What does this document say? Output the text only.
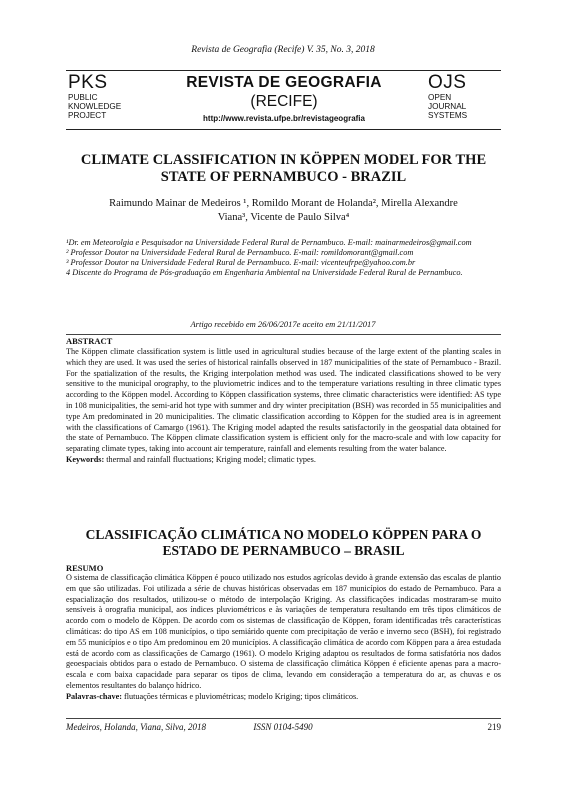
Revista de Geografia (Recife) V. 35, No. 3, 2018
PKS
PUBLIC
KNOWLEDGE
PROJECT
REVISTA DE GEOGRAFIA
(RECIFE)
http://www.revista.ufpe.br/revistageografia
OJS
OPEN
JOURNAL
SYSTEMS
CLIMATE CLASSIFICATION IN KÖPPEN MODEL FOR THE STATE OF PERNAMBUCO - BRAZIL
Raimundo Mainar de Medeiros ¹, Romildo Morant de Holanda², Mirella Alexandre
Viana³, Vicente de Paulo Silva⁴
¹Dr. em Meteorolgia e Pesquisador na Universidade Federal Rural de Pernambuco. E-mail: mainarmedeiros@gmail.com
² Professor Doutor na Universidade Federal Rural de Pernambuco. E-mail: romildomorant@gmail.com
³ Professor Doutor na Universidade Federal Rural de Pernambuco. E-mail: vicenteufrpe@yahoo.com.br
4 Discente do Programa de Pós-graduação em Engenharia Ambiental na Universidade Federal Rural de Pernambuco.
Artigo recebido em 26/06/2017e aceito em 21/11/2017
ABSTRACT
The Köppen climate classification system is little used in agricultural studies because of the large extent of the planting scales in which they are used. It was used the series of historical rainfalls observed in 187 municipalities of the state of Pernambuco - Brazil. For the spatialization of the results, the Kriging interpolation method was used. The indicated classifications showed to be very sensitive to the municipal orography, to the pluviometric indices and to the temperature variations resulting in three climatic types according to the Köppen model. According to Köppen classification systems, three climatic characteristics were identified: AS type in 108 municipalities, the semi-arid hot type with summer and dry winter precipitation (BSH) was recorded in 55 municipalities and type Am predominated in 20 municipalities. The climatic classification according to Köppen for the studied area is in agreement with the classifications of Camargo (1961). The Kriging model adapted the results satisfactorily in the geospatial data obtained for the state of Pernambuco. The Köppen climate classification system is efficient only for the macro-scale and with low capacity for separating climate types, taking into account air temperature, rainfall and elements resulting from the water balance.
Keywords: thermal and rainfall fluctuations; Kriging model; climatic types.
CLASSIFICAÇÃO CLIMÁTICA NO MODELO KÖPPEN PARA O ESTADO DE PERNAMBUCO – BRASIL
RESUMO
O sistema de classificação climática Köppen é pouco utilizado nos estudos agrícolas devido à grande extensão das escalas de plantio em que são utilizadas. Foi utilizada a série de chuvas históricas observadas em 187 municípios do estado de Pernambuco. Para a espacialização dos resultados, utilizou-se o método de interpolação Kriging. As classificações indicadas mostraram-se muito sensíveis à orografia municipal, aos índices pluviométricos e às variações de temperatura resultando em três tipos climáticos de acordo com o modelo de Köppen. De acordo com os sistemas de classificação de Köppen, foram identificadas três características climáticas: do tipo AS em 108 municípios, o tipo semiárido quente com precipitação de verão e inverno seco (BSH), foi registrado em 55 municípios e o tipo Am predominou em 20 municípios. A classificação climática de acordo com Köppen para a área estudada está de acordo com as classificações de Camargo (1961). O modelo Kriging adaptou os resultados de forma satisfatória nos dados geoespaciais obtidos para o estado de Pernambuco. O sistema de classificação climática Köppen é eficiente apenas para a macro-escala e com baixa capacidade para separar os tipos de clima, levando em consideração a temperatura do ar, as chuvas e os elementos resultantes do balanço hídrico.
Palavras-chave: flutuações térmicas e pluviométricas; modelo Kriging; tipos climáticos.
Medeiros, Holanda, Viana, Silva, 2018	ISSN 0104-5490	219
